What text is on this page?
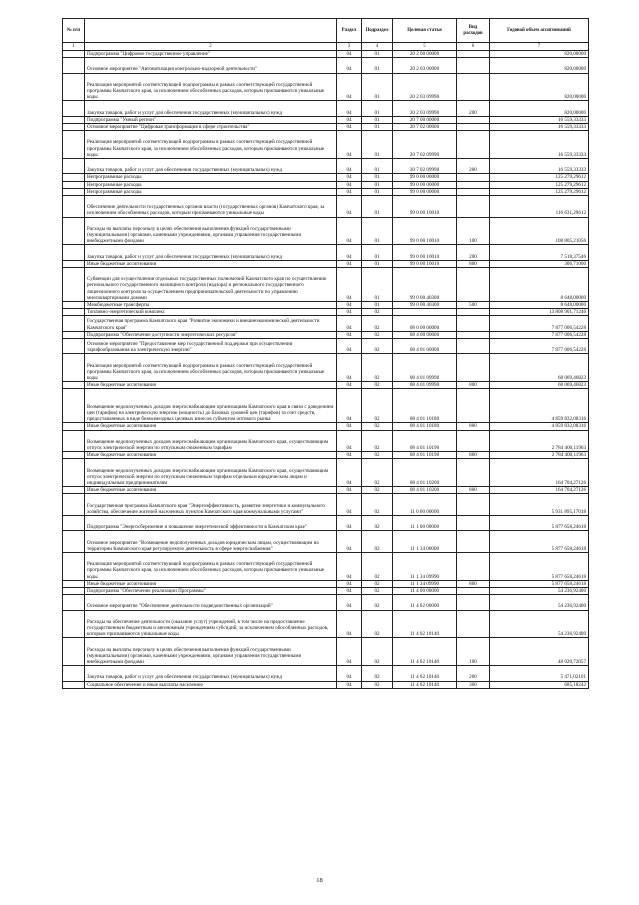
№ п/п		Раздел	Подраздел	Целевая статья	Вид расходов	Годовой объем ассигнований
1	2	3	4	5	6	7
	Подпрограмма "Цифровое государственное управление"	04	01	20 2 00 00000		820,00000
	Основное мероприятие "Автоматизация контрольно-надзорной деятельности"	04	01	20 2 03 00000		820,00000
	Реализация мероприятий соответствующей подпрограммы в рамках соответствующей государственной программы Камчатского края, за исключением обособленных расходов, которым присваиваются уникальные коды	04	01	20 2 03 09990		820,00000
	Закупка товаров, работ и услуг для обеспечения государственных (муниципальных) нужд	04	01	20 2 03 09990	200	820,00000
	Подпрограмма "Умный регион"	04	01	20 7 00 00000		16 559,33333
	Основное мероприятие "Цифровая трансформация в сфере строительства"	04	01	20 7 02 00000		16 559,33333
	Реализация мероприятий соответствующей подпрограммы в рамках соответствующей государственной программы Камчатского края, за исключением обособленных расходов, которым присваиваются уникальные коды	04	01	20 7 02 09990		16 559,33333
	Закупка товаров, работ и услуг для обеспечения государственных (муниципальных) нужд	04	01	20 7 02 09990	200	16 559,33333
	Непрограммные расходы	04	01	99 0 00 00000		125 279,29612
	Непрограммные расходы	04	01	99 0 00 00000		125 279,29612
	Непрограммные расходы	04	01	99 0 00 00000		125 279,29612
	Обеспечение деятельности государственных органов власти (государственных органов) Камчатского края, за исключением обособленных расходов, которым присваиваются уникальные коды	04	01	99 0 00 10010		116 631,29612
	Расходы на выплаты персоналу в целях обеспечения выполнения функций государственными (муниципальными) органами, казенными учреждениями, органами управления государственными внебюджетными фондами	04	01	99 0 00 10010	100	108 805,21056
	Закупка товаров, работ и услуг для обеспечения государственных (муниципальных) нужд	04	01	99 0 00 10010	200	7 518,37546
	Иные бюджетные ассигнования	04	01	99 0 00 10010	800	306,71000
	Субвенции для осуществления отдельных государственных полномочий Камчатского края по осуществлению регионального государственного жилищного контроля (надзора) и регионального государственного лицензионного контроля за осуществлением предпринимательской деятельности по управлению многоквартирными домами	04	01	99 0 00 40300		8 648,00000
	Межбюджетные трансферты	04	01	99 0 00 40300	500	8 648,00000
	Топливно-энергетический комплекс	04	02			13 808 901,71246
	Государственная программа Камчатского края "Развитие экономики и внешнеэкономической деятельности Камчатского края"	04	02	08 0 00 00000		7 877 006,54228
	Подпрограмма "Обеспечение доступности энергетических ресурсов"	04	02	08 4 00 00000		7 877 006,54228
	Основное мероприятие "Предоставление мер государственной поддержки при осуществлении тарифообразования на электрическую энергию"	04	02	08 4 01 00000		7 877 006,54228
	Реализация мероприятий соответствующей подпрограммы в рамках соответствующей государственной программы Камчатского края, за исключением обособленных расходов, которым присваиваются уникальные коды	04	02	08 4 01 09990		68 069,46823
	Иные бюджетные ассигнования	04	02	08 4 01 09990	800	68 069,46823
	Возмещение недополученных доходов энергоснабжающим организациям Камчатского края в связи с доведением цен (тарифов) на электрическую энергию (мощность) до базовых уровней цен (тарифов) за счет средств, предоставляемых в виде безвозмездных целевых взносов субъектом оптового рынка	04	02	08 4 01 10180		4 859 832,08316
	Иные бюджетные ассигнования	04	02	08 4 01 10180	800	4 859 832,08316
	Возмещение недополученных доходов энергоснабжающим организациям Камчатского края, осуществляющим отпуск электрической энергии по отпускным сниженным тарифам	04	02	08 4 01 10190		2 784 400,11963
	Иные бюджетные ассигнования	04	02	08 4 01 10190	800	2 784 400,11963
	Возмещение недополученных доходов энергоснабжающим организациям Камчатского края, осуществляющим отпуск электрической энергии по отпускным сниженным тарифам отдельным юридическим лицам и индивидуальным предпринимателям	04	02	08 4 01 10200		164 704,27126
	Иные бюджетные ассигнования	04	02	08 4 01 10200	800	164 704,27126
	Государственная программа Камчатского края "Энергоэффективность, развитие энергетики и коммунального хозяйства, обеспечение жителей населенных пунктов Камчатского края коммунальными услугами"	04	02	11 0 00 00000		5 931 895,17018
	Подпрограмма "Энергосбережение и повышение энергетической эффективности в Камчатском крае"	04	02	11 1 00 00000		5 877 658,24618
	Основное мероприятие "Возмещение недополученных доходов юридическим лицам, осуществляющим на территории Камчатского края регулируемую деятельность в сфере энергоснабжения"	04	02	11 1 34 00000		5 877 658,24618
	Реализация мероприятий соответствующей подпрограммы в рамках соответствующей государственной программы Камчатского края, за исключением обособленных расходов, которым присваиваются уникальные коды	04	02	11 1 34 09990		5 877 658,24618
	Иные бюджетные ассигнования	04	02	11 1 34 09990	800	5 877 658,24618
	Подпрограмма "Обеспечение реализации Программы"	04	02	11 4 00 00000		54 236,92400
	Основное мероприятие "Обеспечение деятельности подведомственных организаций"	04	02	11 4 02 00000		54 236,92400
	Расходы на обеспечение деятельности (оказание услуг) учреждений, в том числе на предоставление государственным бюджетным и автономным учреждениям субсидий, за исключением обособленных расходов, которым присваиваются уникальные коды	04	02	11 4 02 10140		54 236,92400
	Расходы на выплаты персоналу в целях обеспечения выполнения функций государственными (муниципальными) органами, казенными учреждениями, органами управления государственными внебюджетными фондами	04	02	11 4 02 10140	100	48 020,72057
	Закупка товаров, работ и услуг для обеспечения государственных (муниципальных) нужд	04	02	11 4 02 10140	200	5 471,02101
	Социальное обеспечение и иные выплаты населению	04	02	11 4 02 10140	300	685,18242
18
